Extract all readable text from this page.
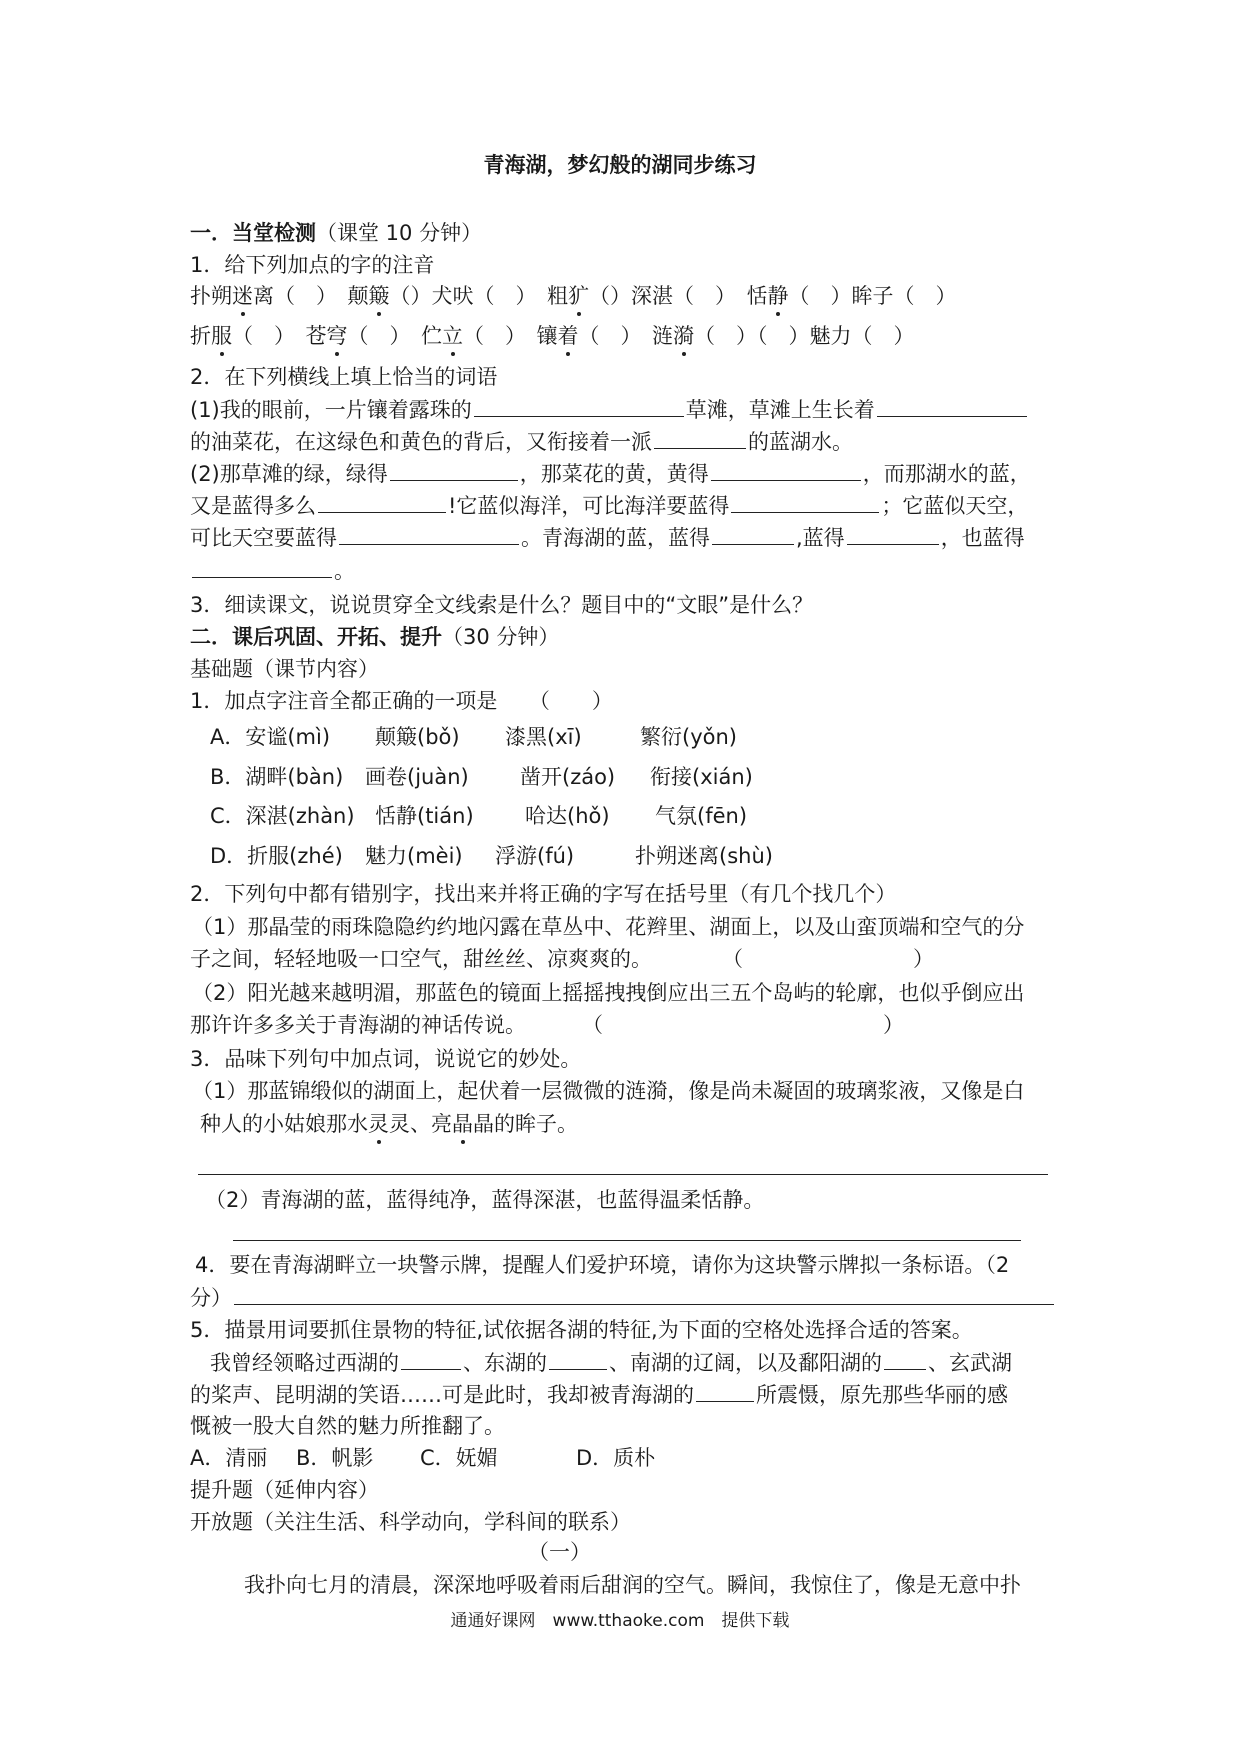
青海湖，梦幻般的湖同步练习
一．当堂检测（课堂 10 分钟）
1．给下列加点的字的注音
扑朔迷离（　）　 颠簸（）犬吠（　）　 粗犷（）深湛（　）　 恬静（　）眸子（　）
折服（　）　 苍穹（　）　 伫立（　）　 镶着（　）　 涟漪（　）（　）魅力（　）
2．在下列横线上填上恰当的词语
(1)我的眼前，一片镶着露珠的	草滩，草滩上生长着
的油菜花，在这绿色和黄色的背后，又衔接着一派	的蓝湖水。
(2)那草滩的绿，绿得	，那菜花的黄，黄得	，而那湖水的蓝，
又是蓝得多么	!它蓝似海洋，可比海洋要蓝得	；它蓝似天空，
可比天空要蓝得	。青海湖的蓝，蓝得	,蓝得	，也蓝得
。
3．细读课文，说说贯穿全文线索是什么？题目中的“文眼”是什么？
二．课后巩固、开拓、提升（30 分钟）
基础题（课节内容）
1．加点字注音全都正确的一项是　　（　　）
A．安谧(mì) 颠簸(bǒ) 漆黑(xī)	繁衍(yǒn)
B．湖畔(bàn) 画卷(juàn) 凿开(záo) 衔接(xián)
C．深湛(zhàn) 恬静(tián) 哈达(hǒ) 气氛(fēn)
D．折服(zhé) 魅力(mèi) 浮游(fú)	扑朔迷离(shù)
2．下列句中都有错别字，找出来并将正确的字写在括号里（有几个找几个）
（1）那晶莹的雨珠隐隐约约地闪露在草丛中、花辫里、湖面上，以及山蛮顶端和空气的分
子之间，轻轻地吸一口空气，甜丝丝、凉爽爽的。	（	）
（2）阳光越来越明湄，那蓝色的镜面上摇摇拽拽倒应出三五个岛屿的轮廓，也似乎倒应出
那许许多多关于青海湖的神话传说。	（	）
3．品味下列句中加点词，说说它的妙处。
（1）那蓝锦缎似的湖面上，起伏着一层微微的涟漪，像是尚未凝固的玻璃浆液，又像是白
种人的小姑娘那水灵灵、亮晶晶的眸子。
（2）青海湖的蓝，蓝得纯净，蓝得深湛，也蓝得温柔恬静。
4．要在青海湖畔立一块警示牌，提醒人们爱护环境，请你为这块警示牌拟一条标语。（2
分）
5．描景用词要抓住景物的特征,试依据各湖的特征,为下面的空格处选择合适的答案。
我曾经领略过西湖的	、东湖的	、南湖的辽阔，以及鄱阳湖的 、玄武湖
的桨声、昆明湖的笑语……可是此时，我却被青海湖的	所震慑，原先那些华丽的感
慨被一股大自然的魅力所推翻了。
A．清丽 B．帆影 C．妩媚	D．质朴
提升题（延伸内容）
开放题（关注生活、科学动向，学科间的联系）
（一）
我扑向七月的清晨，深深地呼吸着雨后甜润的空气。瞬间，我惊住了，像是无意中扑
通通好课网　www.tthaoke.com　提供下载
